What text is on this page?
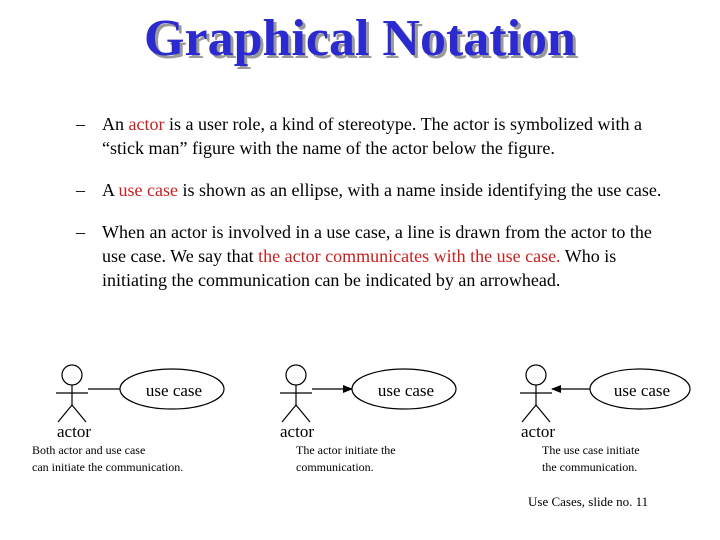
Graphical Notation
– An actor is a user role, a kind of stereotype. The actor is symbolized with a “stick man” figure with the name of the actor below the figure.
– A use case is shown as an ellipse, with a name inside identifying the use case.
– When an actor is involved in a use case, a line is drawn from the actor to the use case. We say that the actor communicates with the use case. Who is initiating the communication can be indicated by an arrowhead.
use case
actor
use case
actor
use case
actor
Both actor and use case
can initiate the communication.
The actor initiate the
communication.
The use case initiate
the communication.
Use Cases, slide no. 11
